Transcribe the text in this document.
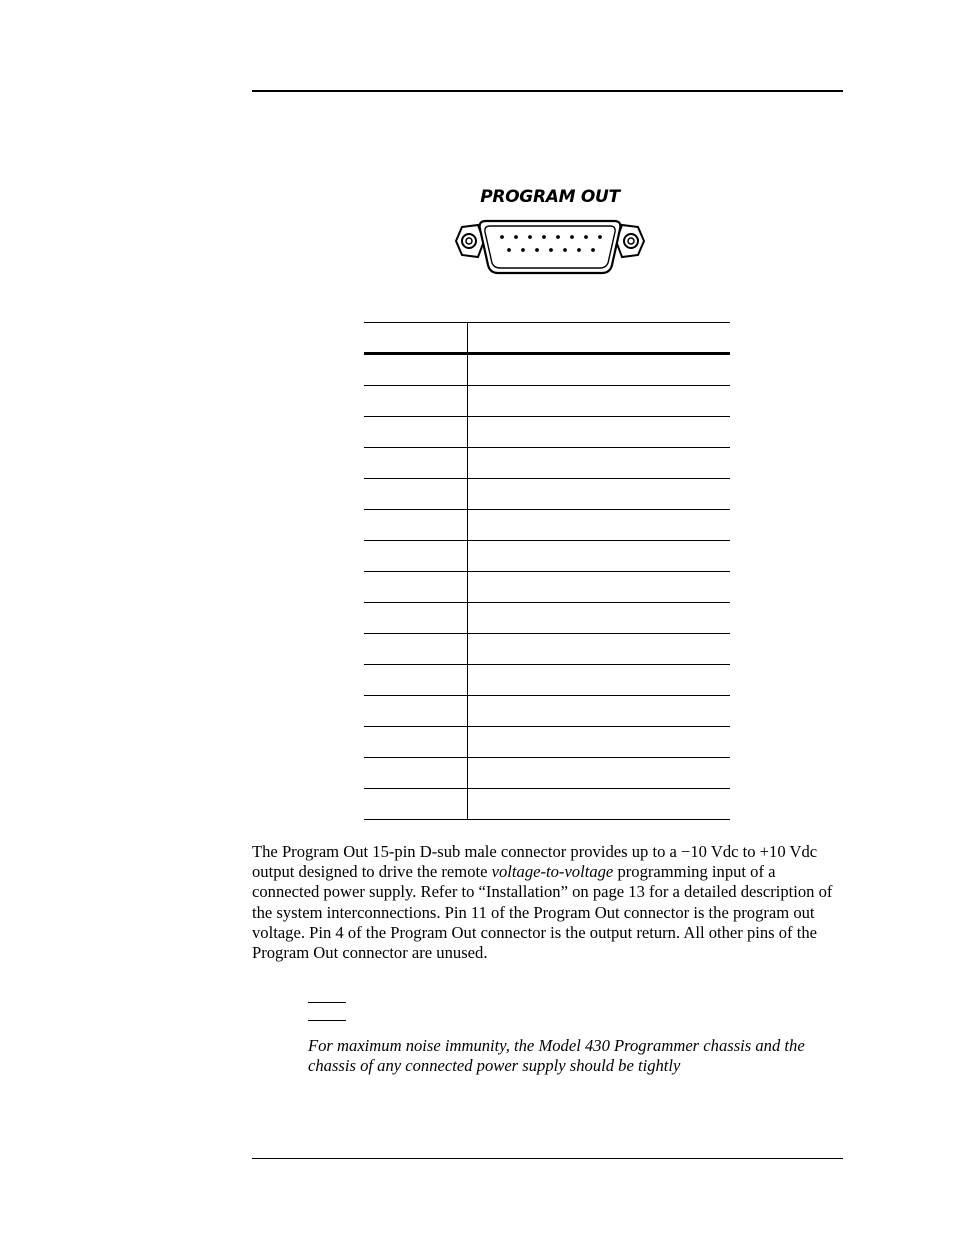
PROGRAM OUT

The Program Out 15-pin D-sub male connector provides up to a −10 Vdc to +10 Vdc output designed to drive the remote voltage-to-voltage programming input of a connected power supply. Refer to “Installation” on page 13 for a detailed description of the system interconnections. Pin 11 of the Program Out connector is the program out voltage. Pin 4 of the Program Out connector is the output return. All other pins of the Program Out connector are unused.

For maximum noise immunity, the Model 430 Programmer chassis and the chassis of any connected power supply should be tightly
